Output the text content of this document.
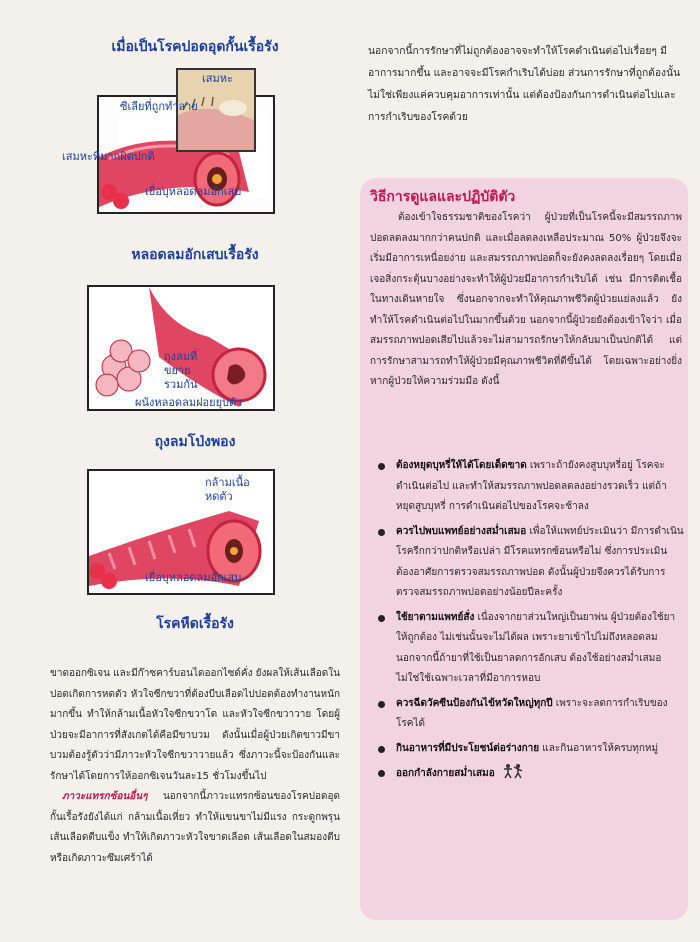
เมื่อเป็นโรคปอดอุดกั้นเรื้อรัง
เสมหะ
ซีเลียที่ถูกทำลาย
เสมหะที่มากผิดปกติ
เยื่อบุหลอดลมอักเสบ
หลอดลมอักเสบเรื้อรัง
ถุงลมที่
ขยาย
รวมกัน
ผนังหลอดลมฝอยยุบตัว
ถุงลมโป่งพอง
กล้ามเนื้อ
หดตัว
เยื่อบุหลอดลมอักเสบ
โรคหืดเรื้อรัง

ขาดออกซิเจน และมีก๊าซคาร์บอนไดออกไซด์คั่ง ยังผลให้เส้นเลือดในปอดเกิดการหดตัว หัวใจซีกขวาที่ต้องบีบเลือดไปปอดต้องทำงานหนักมากขึ้น ทำให้กล้ามเนื้อหัวใจซีกขวาโต และหัวใจซีกขวาวาย โดยผู้ป่วยจะมีอาการที่สังเกตได้คือมีขาบวม ดังนั้นเมื่อผู้ป่วยเกิดขาวมีขาบวมต้องรู้ตัวว่ามีภาวะหัวใจซีกขวาวายแล้ว ซึ่งภาวะนี้จะป้องกันและรักษาได้โดยการให้ออกซิเจนวันละ15 ชั่วโมงขึ้นไป

ภาวะแทรกซ้อนอื่นๆ นอกจากนี้ภาวะแทรกซ้อนของโรคปอดอุดกั้นเรื้อรังยังได้แก่ กล้ามเนื้อเหี่ยว ทำให้แขนขาไม่มีแรง กระดูกพรุน เส้นเลือดตีบแข็ง ทำให้เกิดภาวะหัวใจขาดเลือด เส้นเลือดในสมองตีบ หรือเกิดภาวะซึมเศร้าได้

นอกจากนี้การรักษาที่ไม่ถูกต้องอาจจะทำให้โรคดำเนินต่อไปเรื่อยๆ มีอาการมากขึ้น และอาจจะมีโรคกำเริบได้บ่อย ส่วนการรักษาที่ถูกต้องนั้น ไม่ใช่เพียงแค่ควบคุมอาการเท่านั้น แต่ต้องป้องกันการดำเนินต่อไปและการกำเริบของโรคด้วย

วิธีการดูแลและปฏิบัติตัว

ต้องเข้าใจธรรมชาติของโรคว่า ผู้ป่วยที่เป็นโรคนี้จะมีสมรรถภาพปอดลดลงมากกว่าคนปกติ และเมื่อลดลงเหลือประมาณ 50% ผู้ป่วยจึงจะเริ่มมีอาการเหนื่อยง่าย และสมรรถภาพปอดก็จะยังคงลดลงเรื่อยๆ โดยเมื่อเจอสิ่งกระตุ้นบางอย่างจะทำให้ผู้ป่วยมีอาการกำเริบได้ เช่น มีการติดเชื้อในทางเดินหายใจ ซึ่งนอกจากจะทำให้คุณภาพชีวิตผู้ป่วยแย่ลงแล้ว ยังทำให้โรคดำเนินต่อไปในมากขึ้นด้วย นอกจากนี้ผู้ป่วยยังต้องเข้าใจว่า เมื่อสมรรถภาพปอดเสียไปแล้วจะไม่สามารถรักษาให้กลับมาเป็นปกติได้ แต่การรักษาสามารถทำให้ผู้ป่วยมีคุณภาพชีวิตที่ดีขึ้นได้ โดยเฉพาะอย่างยิ่งหากผู้ป่วยให้ความร่วมมือ ดังนี้

ต้องหยุดบุหรี่ให้ได้โดยเด็ดขาด เพราะถ้ายังคงสูบบุหรี่อยู่ โรคจะดำเนินต่อไป และทำให้สมรรถภาพปอดลดลงอย่างรวดเร็ว แต่ถ้าหยุดสูบบุหรี่ การดำเนินต่อไปของโรคจะช้าลง
ควรไปพบแพทย์อย่างสม่ำเสมอ เพื่อให้แพทย์ประเมินว่า มีการดำเนินโรครีกกว่าปกติหรือเปล่า มีโรคแทรกซ้อนหรือไม่ ซึ่งการประเมินต้องอาศัยการตรวจสมรรถภาพปอด ดังนั้นผู้ป่วยจึงควรได้รับการตรวจสมรรถภาพปอดอย่างน้อยปีละครั้ง
ใช้ยาตามแพทย์สั่ง เนื่องจากยาส่วนใหญ่เป็นยาพ่น ผู้ป่วยต้องใช้ยาให้ถูกต้อง ไม่เช่นนั้นจะไม่ได้ผล เพราะยาเข้าไปไม่ถึงหลอดลม นอกจากนี้ถ้ายาที่ใช้เป็นยาลดการอักเสบ ต้องใช้อย่างสม่ำเสมอ ไม่ใช่ใช้เฉพาะเวลาที่มีอาการหอบ
ควรฉีดวัคซีนป้องกันไข้หวัดใหญ่ทุกปี เพราะจะลดการกำเริบของโรคได้
กินอาหารที่มีประโยชน์ต่อร่างกาย และกินอาหารให้ครบทุกหมู่
ออกกำลังกายสม่ำเสมอ
